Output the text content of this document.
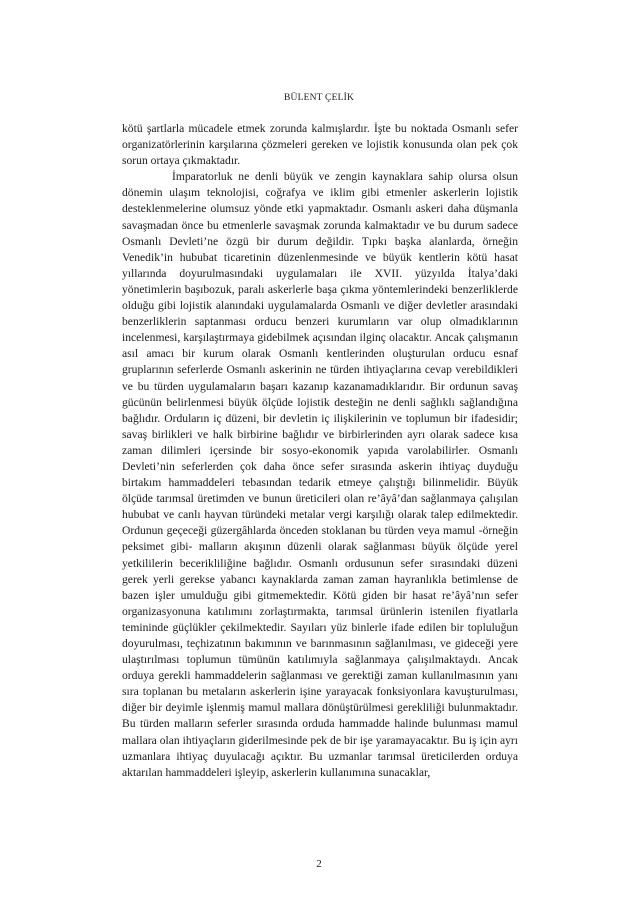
BÜLENT ÇELİK

kötü şartlarla mücadele etmek zorunda kalmışlardır. İşte bu noktada Osmanlı sefer organizatörlerinin karşılarına çözmeleri gereken ve lojistik konusunda olan pek çok sorun ortaya çıkmaktadır.

İmparatorluk ne denli büyük ve zengin kaynaklara sahip olursa olsun dönemin ulaşım teknolojisi, coğrafya ve iklim gibi etmenler askerlerin lojistik desteklenmelerine olumsuz yönde etki yapmaktadır. Osmanlı askeri daha düşmanla savaşmadan önce bu etmenlerle savaşmak zorunda kalmaktadır ve bu durum sadece Osmanlı Devleti’ne özgü bir durum değildir. Tıpkı başka alanlarda, örneğin Venedik’in hububat ticaretinin düzenlenmesinde ve büyük kentlerin kötü hasat yıllarında doyurulmasındaki uygulamaları ile XVII. yüzyılda İtalya’daki yönetimlerin başıbozuk, paralı askerlerle başa çıkma yöntemlerindeki benzerliklerde olduğu gibi lojistik alanındaki uygulamalarda Osmanlı ve diğer devletler arasındaki benzerliklerin saptanması orducu benzeri kurumların var olup olmadıklarının incelenmesi, karşılaştırmaya gidebilmek açısından ilginç olacaktır. Ancak çalışmanın asıl amacı bir kurum olarak Osmanlı kentlerinden oluşturulan orducu esnaf gruplarının seferlerde Osmanlı askerinin ne türden ihtiyaçlarına cevap verebildikleri ve bu türden uygulamaların başarı kazanıp kazanamadıklarıdır. Bir ordunun savaş gücünün belirlenmesi büyük ölçüde lojistik desteğin ne denli sağlıklı sağlandığına bağlıdır. Orduların iç düzeni, bir devletin iç ilişkilerinin ve toplumun bir ifadesidir; savaş birlikleri ve halk birbirine bağlıdır ve birbirlerinden ayrı olarak sadece kısa zaman dilimleri içersinde bir sosyo-ekonomik yapıda varolabilirler. Osmanlı Devleti’nin seferlerden çok daha önce sefer sırasında askerin ihtiyaç duyduğu birtakım hammaddeleri tebasından tedarik etmeye çalıştığı bilinmelidir. Büyük ölçüde tarımsal üretimden ve bunun üreticileri olan re’âyâ’dan sağlanmaya çalışılan hububat ve canlı hayvan türündeki metalar vergi karşılığı olarak talep edilmektedir. Ordunun geçeceği güzergâhlarda önceden stoklanan bu türden veya mamul -örneğin peksimet gibi- malların akışının düzenli olarak sağlanması büyük ölçüde yerel yetkililerin becerikliliğine bağlıdır. Osmanlı ordusunun sefer sırasındaki düzeni gerek yerli gerekse yabancı kaynaklarda zaman zaman hayranlıkla betimlense de bazen işler umulduğu gibi gitmemektedir. Kötü giden bir hasat re’âyâ’nın sefer organizasyonuna katılımını zorlaştırmakta, tarımsal ürünlerin istenilen fiyatlarla temininde güçlükler çekilmektedir. Sayıları yüz binlerle ifade edilen bir topluluğun doyurulması, teçhizatının bakımının ve barınmasının sağlanılması, ve gideceği yere ulaştırılması toplumun tümünün katılımıyla sağlanmaya çalışılmaktaydı. Ancak orduya gerekli hammaddelerin sağlanması ve gerektiği zaman kullanılmasının yanı sıra toplanan bu metaların askerlerin işine yarayacak fonksiyonlara kavuşturulması, diğer bir deyimle işlenmiş mamul mallara dönüştürülmesi gerekliliği bulunmaktadır. Bu türden malların seferler sırasında orduda hammadde halinde bulunması mamul mallara olan ihtiyaçların giderilmesinde pek de bir işe yaramayacaktır. Bu iş için ayrı uzmanlara ihtiyaç duyulacağı açıktır. Bu uzmanlar tarımsal üreticilerden orduya aktarılan hammaddeleri işleyip, askerlerin kullanımına sunacaklar,

2
